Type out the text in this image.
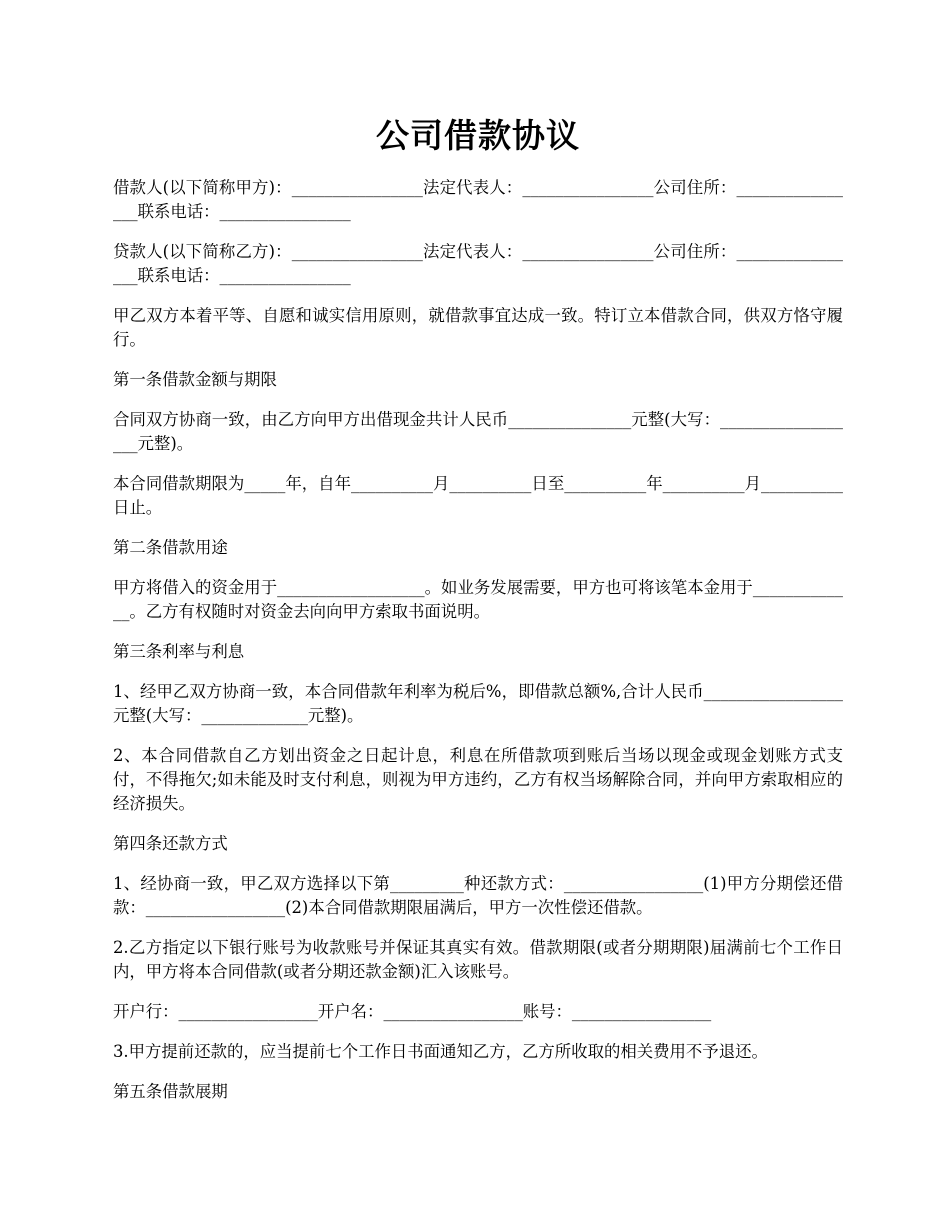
公司借款协议

借款人(以下简称甲方)：________________法定代表人：________________公司住所：________________联系电话：________________

贷款人(以下简称乙方)：________________法定代表人：________________公司住所：________________联系电话：________________

甲乙双方本着平等、自愿和诚实信用原则，就借款事宜达成一致。特订立本借款合同，供双方恪守履行。

第一条借款金额与期限

合同双方协商一致，由乙方向甲方出借现金共计人民币_______________元整(大写：__________________元整)。

本合同借款期限为_____年，自年__________月__________日至__________年__________月__________日止。

第二条借款用途

甲方将借入的资金用于__________________。如业务发展需要，甲方也可将该笔本金用于_____________。乙方有权随时对资金去向向甲方索取书面说明。

第三条利率与利息

1、经甲乙双方协商一致，本合同借款年利率为税后%，即借款总额%,合计人民币_________________元整(大写：_____________元整)。

2、本合同借款自乙方划出资金之日起计息，利息在所借款项到账后当场以现金或现金划账方式支付，不得拖欠;如未能及时支付利息，则视为甲方违约，乙方有权当场解除合同，并向甲方索取相应的经济损失。

第四条还款方式

1、经协商一致，甲乙双方选择以下第_________种还款方式：_________________(1)甲方分期偿还借款：_________________(2)本合同借款期限届满后，甲方一次性偿还借款。

2.乙方指定以下银行账号为收款账号并保证其真实有效。借款期限(或者分期期限)届满前七个工作日内，甲方将本合同借款(或者分期还款金额)汇入该账号。

开户行：_________________开户名：_________________账号：_________________

3.甲方提前还款的，应当提前七个工作日书面通知乙方，乙方所收取的相关费用不予退还。

第五条借款展期
